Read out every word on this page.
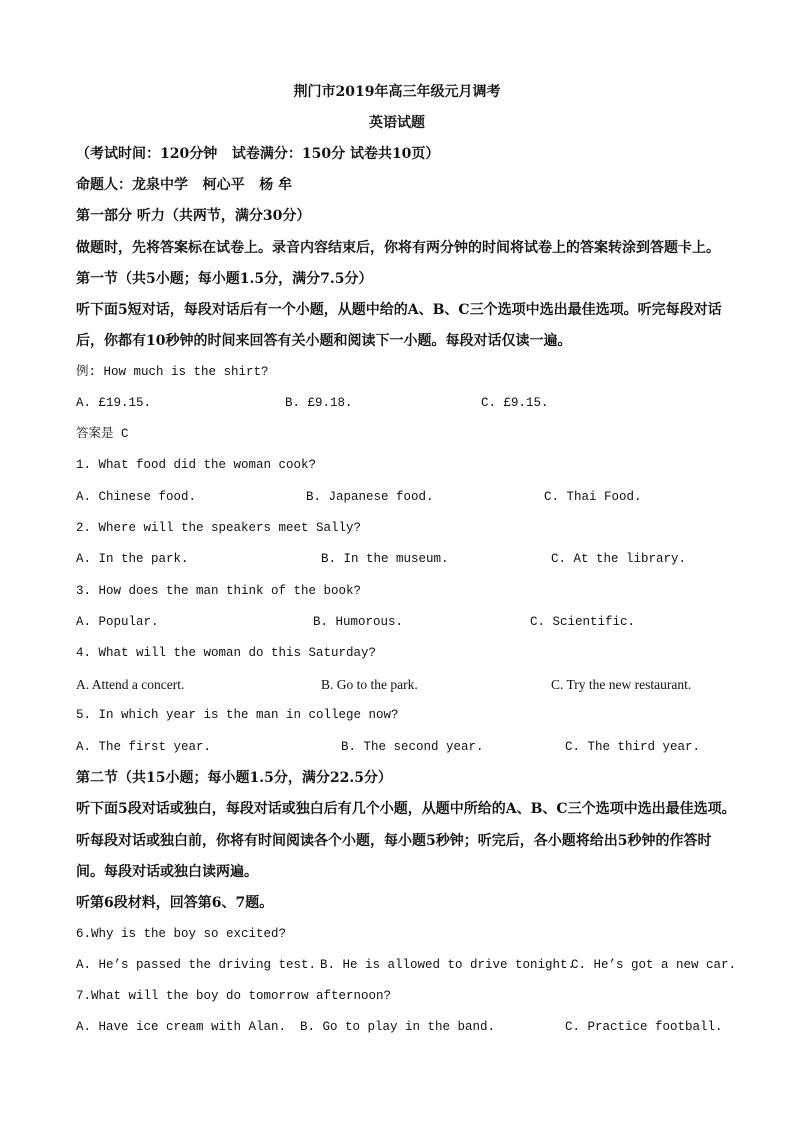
荆门市2019年高三年级元月调考
英语试题
（考试时间：120分钟   试卷满分：150分 试卷共10页）
命题人：龙泉中学   柯心平   杨 牟
第一部分 听力（共两节，满分30分）
做题时，先将答案标在试卷上。录音内容结束后，你将有两分钟的时间将试卷上的答案转涂到答题卡上。
第一节（共5小题；每小题1.5分，满分7.5分）
听下面5短对话，每段对话后有一个小题，从题中给的A、B、C三个选项中选出最佳选项。听完每段对话
后，你都有10秒钟的时间来回答有关小题和阅读下一小题。每段对话仅读一遍。
例: How much is the shirt?
A. £19.15.	B. £9.18.	C. £9.15.
答案是 C
1. What food did the woman cook?
A. Chinese food.	B. Japanese food.	C. Thai Food.
2. Where will the speakers meet Sally?
A. In the park.	B. In the museum.	C. At the library.
3. How does the man think of the book?
A. Popular.	B. Humorous.	C. Scientific.
4. What will the woman do this Saturday?
A. Attend a concert.	B. Go to the park.	C. Try the new restaurant.
5. In which year is the man in college now?
A. The first year.	B. The second year.	C. The third year.
第二节（共15小题；每小题1.5分，满分22.5分）
听下面5段对话或独白，每段对话或独白后有几个小题，从题中所给的A、B、C三个选项中选出最佳选项。
听每段对话或独白前，你将有时间阅读各个小题，每小题5秒钟；听完后，各小题将给出5秒钟的作答时
间。每段对话或独白读两遍。
听第6段材料，回答第6、7题。
6.Why is the boy so excited?
A. He’s passed the driving test. B. He is allowed to drive tonight.
C. He’s got a new car.
7.What will the boy do tomorrow afternoon?
A. Have ice cream with Alan. B. Go to play in the band.	C. Practice football.
